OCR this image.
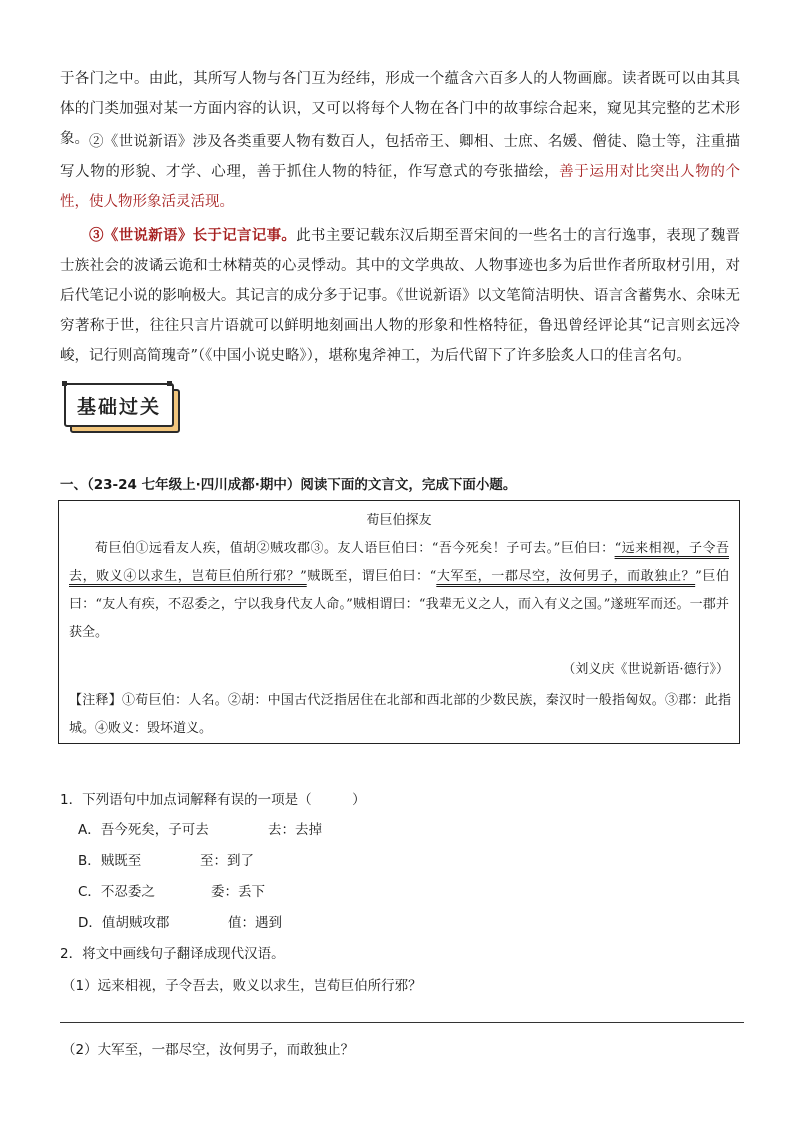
于各门之中。由此，其所写人物与各门互为经纬，形成一个蕴含六百多人的人物画廊。读者既可以由其具体的门类加强对某一方面内容的认识，又可以将每个人物在各门中的故事综合起来，窥见其完整的艺术形象。 ②《世说新语》涉及各类重要人物有数百人，包括帝王、卿相、士庶、名媛、僧徒、隐士等，注重描写人物的形貌、才学、心理，善于抓住人物的特征，作写意式的夸张描绘，善于运用对比突出人物的个性，使人物形象活灵活现。

③《世说新语》长于记言记事。此书主要记载东汉后期至晋宋间的一些名士的言行逸事，表现了魏晋士族社会的波谲云诡和士林精英的心灵悸动。其中的文学典故、人物事迹也多为后世作者所取材引用，对后代笔记小说的影响极大。其记言的成分多于记事。《世说新语》以文笔简洁明快、语言含蓄隽水、余味无穷著称于世，往往只言片语就可以鲜明地刻画出人物的形象和性格特征，鲁迅曾经评论其“记言则玄远冷峻，记行则高简瑰奇”（《中国小说史略》），堪称鬼斧神工，为后代留下了许多脍炙人口的佳言名句。

基础过关

一、（23-24 七年级上·四川成都·期中）阅读下面的文言文，完成下面小题。

荀巨伯探友

荀巨伯①远看友人疾，值胡②贼攻郡③。友人语巨伯曰：“吾今死矣！子可去。”巨伯曰：“远来相视，子令吾去，败义④以求生，岂荀巨伯所行邪？”贼既至，谓巨伯曰：“大军至，一郡尽空，汝何男子，而敢独止？”巨伯曰：“友人有疾，不忍委之，宁以我身代友人命。”贼相谓曰：“我辈无义之人，而入有义之国。”遂班军而还。一郡并获全。

（刘义庆《世说新语·德行》）

【注释】①荀巨伯：人名。②胡：中国古代泛指居住在北部和西北部的少数民族，秦汉时一般指匈奴。③郡：此指城。④败义：毁坏道义。

1．下列语句中加点词解释有误的一项是（　　　）

A．吾今死矣，子可去	去：去掉
B．贼既至	至：到了
C．不忍委之	委：丢下
D．值胡贼攻郡	值：遇到

2．将文中画线句子翻译成现代汉语。

（1）远来相视，子令吾去，败义以求生，岂荀巨伯所行邪？

（2）大军至，一郡尽空，汝何男子，而敢独止？
